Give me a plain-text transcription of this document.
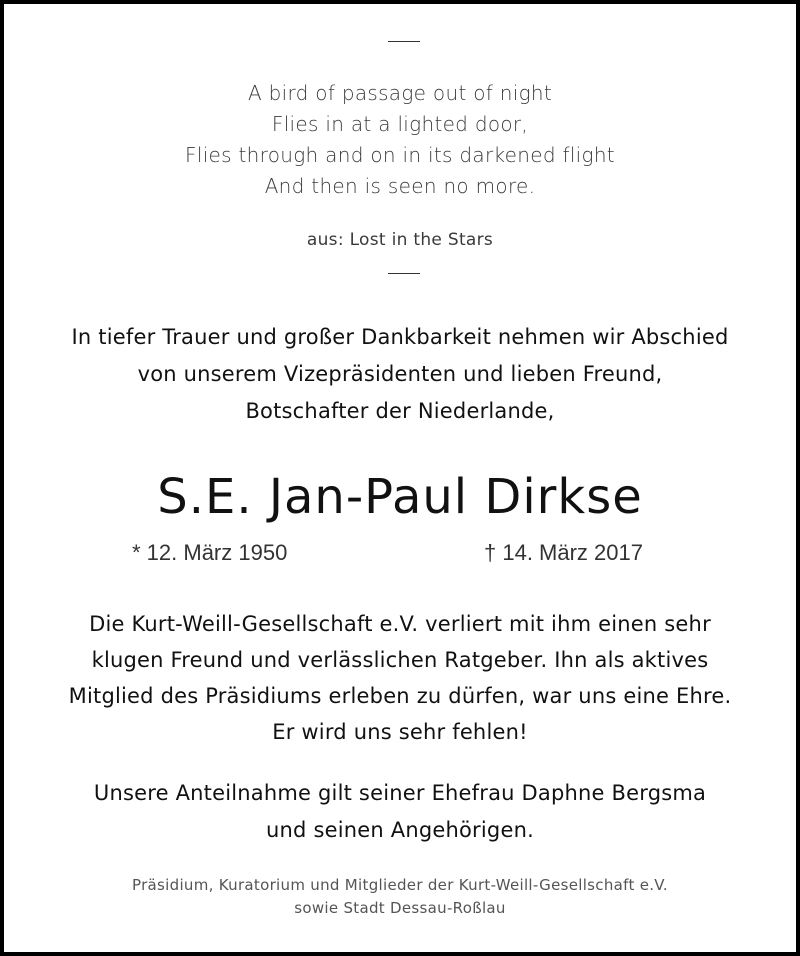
A bird of passage out of night
Flies in at a lighted door,
Flies through and on in its darkened flight
And then is seen no more.
aus: Lost in the Stars
In tiefer Trauer und großer Dankbarkeit nehmen wir Abschied
von unserem Vizepräsidenten und lieben Freund,
Botschafter der Niederlande,
S.E. Jan-Paul Dirkse
* 12. März 1950	† 14. März 2017
Die Kurt-Weill-Gesellschaft e.V. verliert mit ihm einen sehr
klugen Freund und verlässlichen Ratgeber. Ihn als aktives
Mitglied des Präsidiums erleben zu dürfen, war uns eine Ehre.
Er wird uns sehr fehlen!
Unsere Anteilnahme gilt seiner Ehefrau Daphne Bergsma
und seinen Angehörigen.
Präsidium, Kuratorium und Mitglieder der Kurt-Weill-Gesellschaft e.V.
sowie Stadt Dessau-Roßlau
